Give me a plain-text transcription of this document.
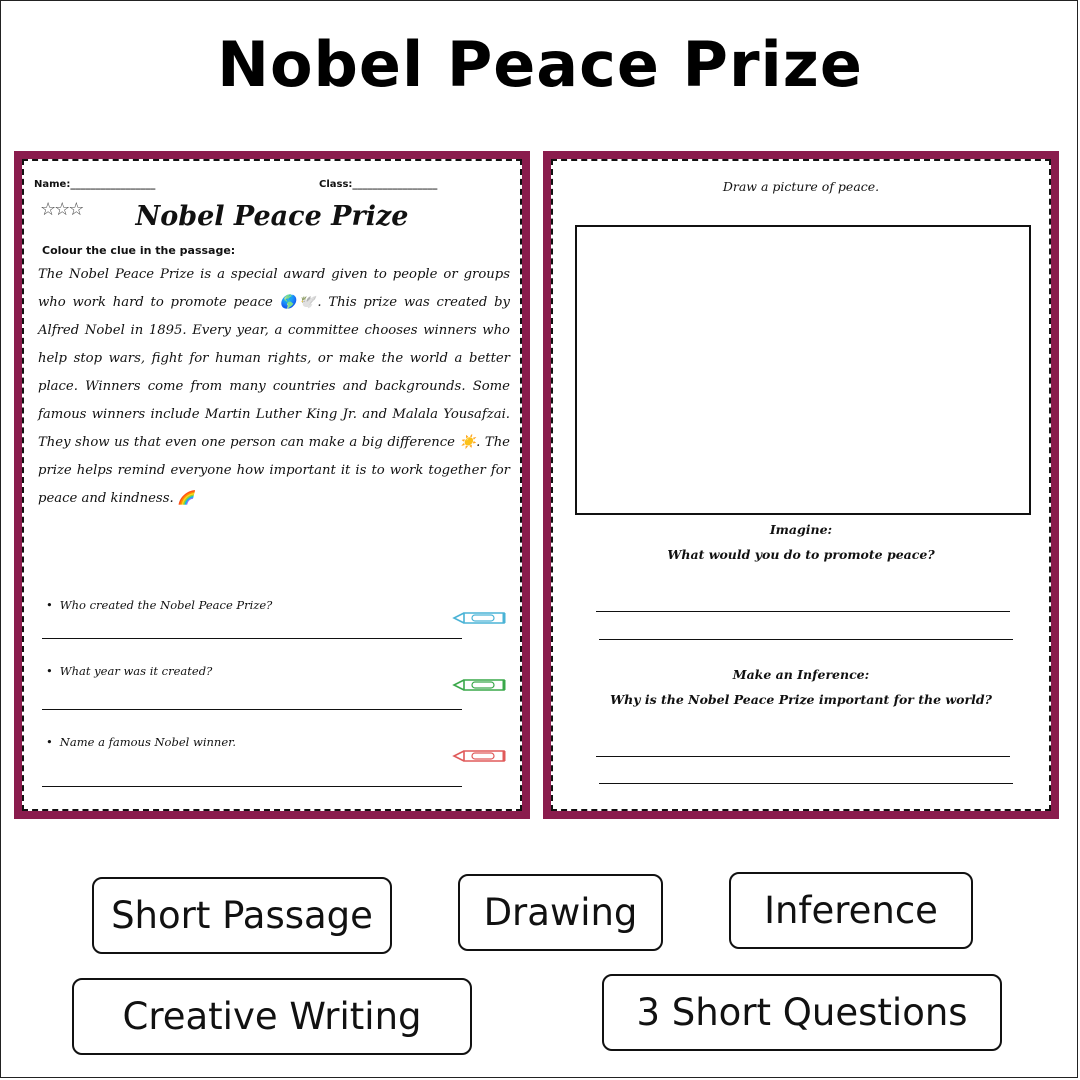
Nobel Peace Prize
Name:_________________	Class:_________________
☆☆☆	Nobel Peace Prize
Colour the clue in the passage:
The Nobel Peace Prize is a special award given to people or groups who work hard to promote peace 🌎🕊️. This prize was created by Alfred Nobel in 1895. Every year, a committee chooses winners who help stop wars, fight for human rights, or make the world a better place. Winners come from many countries and backgrounds. Some famous winners include Martin Luther King Jr. and Malala Yousafzai. They show us that even one person can make a big difference ☀️. The prize helps remind everyone how important it is to work together for peace and kindness. 🌈
• Who created the Nobel Peace Prize?
• What year was it created?
• Name a famous Nobel winner.
Draw a picture of peace.
Imagine:
What would you do to promote peace?
Make an Inference:
Why is the Nobel Peace Prize important for the world?
Short Passage	Drawing	Inference
Creative Writing	3 Short Questions
